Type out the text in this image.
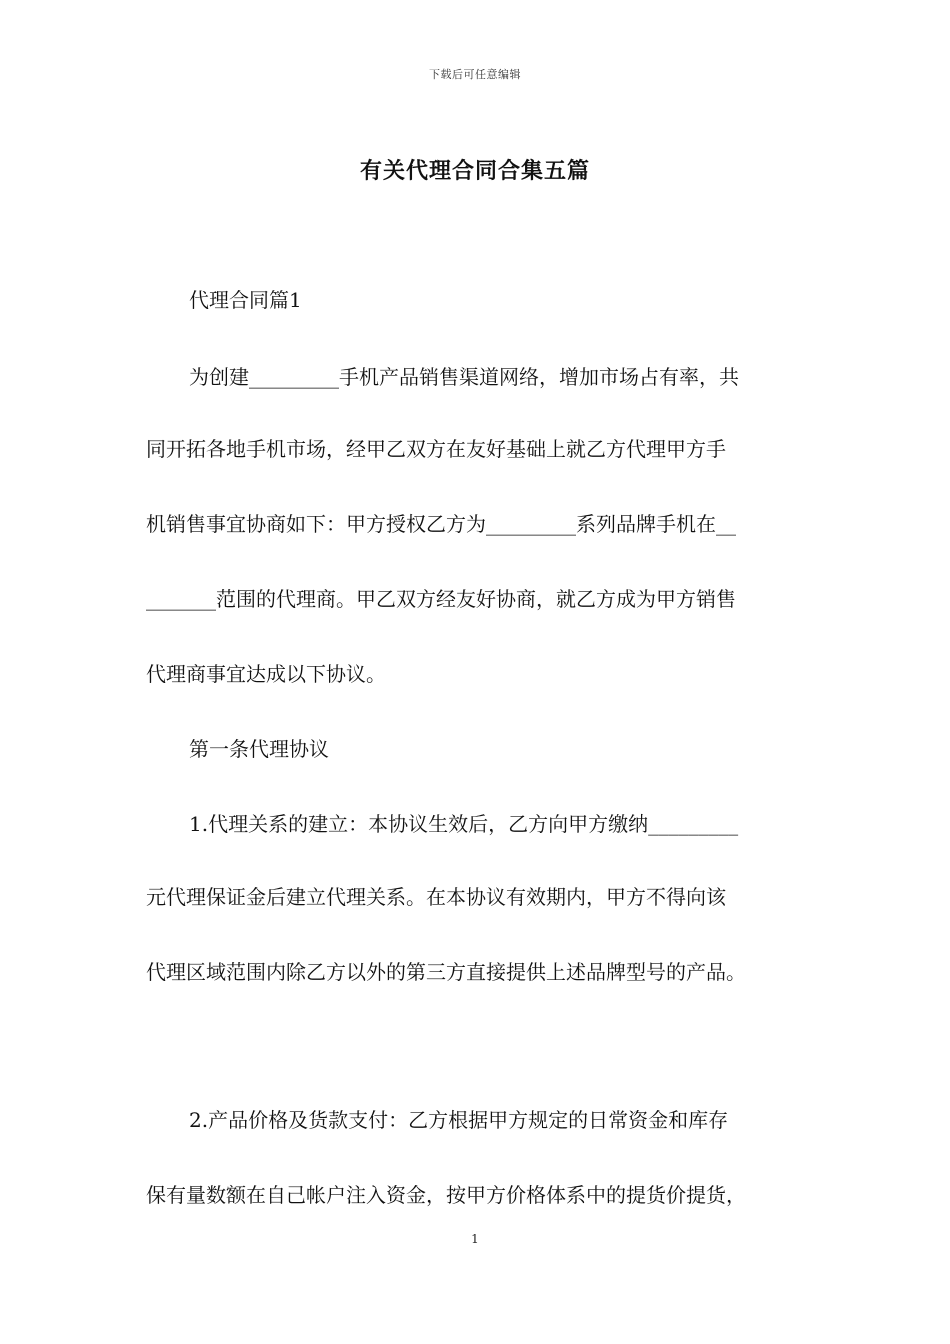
下载后可任意编辑
有关代理合同合集五篇
代理合同篇1
为创建_________手机产品销售渠道网络，增加市场占有率，共
同开拓各地手机市场，经甲乙双方在友好基础上就乙方代理甲方手
机销售事宜协商如下：甲方授权乙方为_________系列品牌手机在__
_______范围的代理商。甲乙双方经友好协商，就乙方成为甲方销售
代理商事宜达成以下协议。
第一条代理协议
1.代理关系的建立：本协议生效后，乙方向甲方缴纳_________
元代理保证金后建立代理关系。在本协议有效期内，甲方不得向该
代理区域范围内除乙方以外的第三方直接提供上述品牌型号的产品。
2.产品价格及货款支付：乙方根据甲方规定的日常资金和库存
保有量数额在自己帐户注入资金，按甲方价格体系中的提货价提货，
1
